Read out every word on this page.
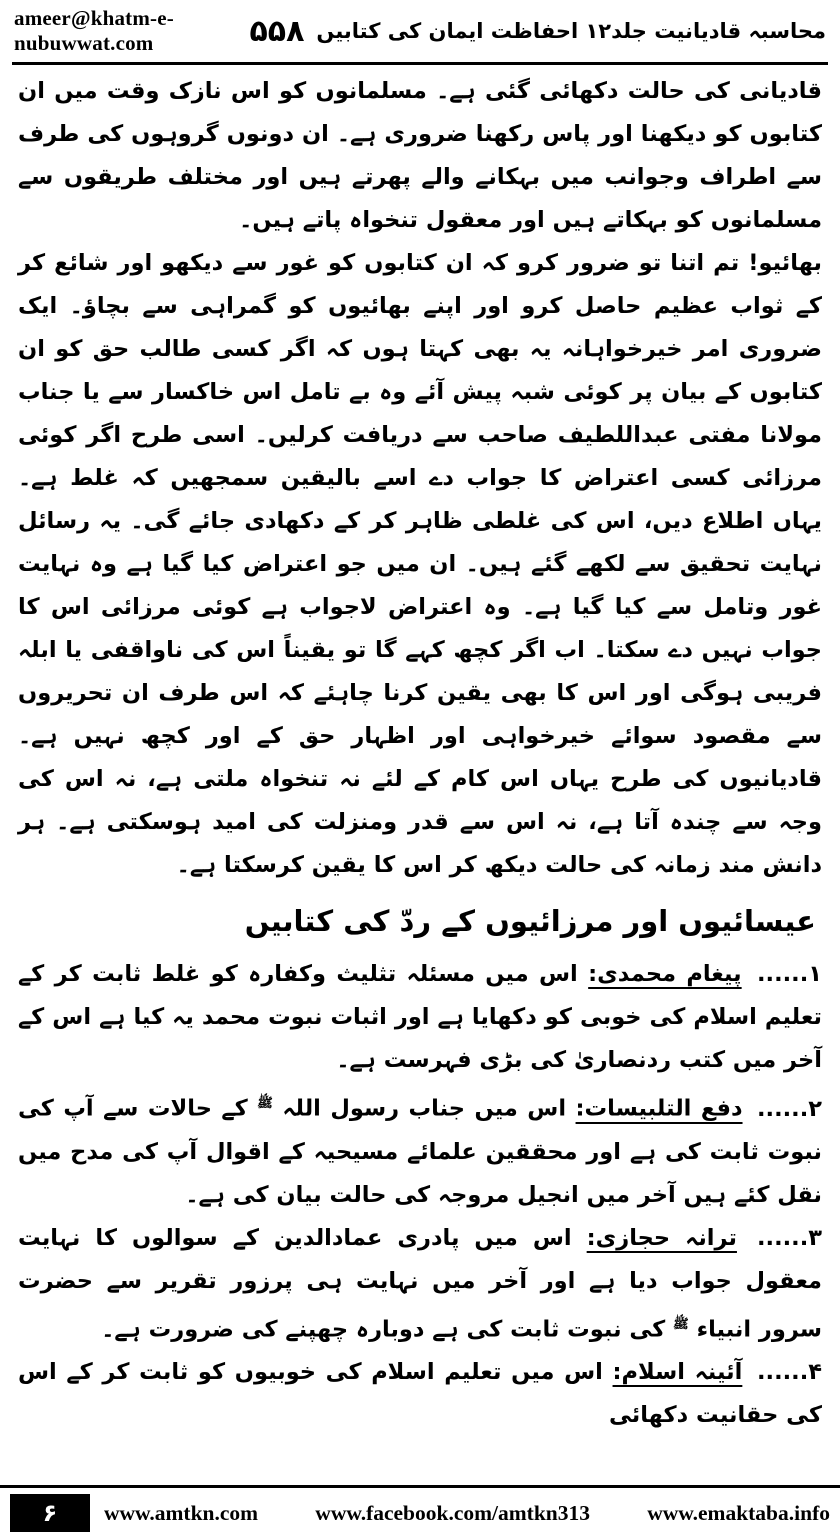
ameer@khatm-e-nubuwwat.com	۵۵۸ محاسبہ قادیانیت جلد۱۲ احفاظت ایمان کی کتابیں

قادیانی کی حالت دکھائی گئی ہے۔ مسلمانوں کو اس نازک وقت میں ان کتابوں کو دیکھنا اور پاس رکھنا ضروری ہے۔ ان دونوں گروہوں کی طرف سے اطراف وجوانب میں بہکانے والے پھرتے ہیں اور مختلف طریقوں سے مسلمانوں کو بہکاتے ہیں اور معقول تنخواہ پاتے ہیں۔

بھائیو! تم اتنا تو ضرور کرو کہ ان کتابوں کو غور سے دیکھو اور شائع کر کے ثواب عظیم حاصل کرو اور اپنے بھائیوں کو گمراہی سے بچاؤ۔ ایک ضروری امر خیرخواہانہ یہ بھی کہتا ہوں کہ اگر کسی طالب حق کو ان کتابوں کے بیان پر کوئی شبہ پیش آئے وہ بے تامل اس خاکسار سے یا جناب مولانا مفتی عبداللطیف صاحب سے دریافت کرلیں۔ اسی طرح اگر کوئی مرزائی کسی اعتراض کا جواب دے اسے بالیقین سمجھیں کہ غلط ہے۔ یہاں اطلاع دیں، اس کی غلطی ظاہر کر کے دکھادی جائے گی۔ یہ رسائل نہایت تحقیق سے لکھے گئے ہیں۔ ان میں جو اعتراض کیا گیا ہے وہ نہایت غور وتامل سے کیا گیا ہے۔ وہ اعتراض لاجواب ہے کوئی مرزائی اس کا جواب نہیں دے سکتا۔ اب اگر کچھ کہے گا تو یقیناً اس کی ناواقفی یا ابلہ فریبی ہوگی اور اس کا بھی یقین کرنا چاہئے کہ اس طرف ان تحریروں سے مقصود سوائے خیرخواہی اور اظہار حق کے اور کچھ نہیں ہے۔ قادیانیوں کی طرح یہاں اس کام کے لئے نہ تنخواہ ملتی ہے، نہ اس کی وجہ سے چندہ آتا ہے، نہ اس سے قدر ومنزلت کی امید ہوسکتی ہے۔ ہر دانش مند زمانہ کی حالت دیکھ کر اس کا یقین کرسکتا ہے۔

عیسائیوں اور مرزائیوں کے ردّ کی کتابیں

۱...... پیغام محمدی: اس میں مسئلہ تثلیث وکفارہ کو غلط ثابت کر کے تعلیم اسلام کی خوبی کو دکھایا ہے اور اثبات نبوت محمد یہ کیا ہے اس کے آخر میں کتب ردنصاریٰ کی بڑی فہرست ہے۔

۲...... دفع التلبیسات: اس میں جناب رسول اللہ $^ﷺ$ کے حالات سے آپ کی نبوت ثابت کی ہے اور محققین علمائے مسیحیہ کے اقوال آپ کی مدح میں نقل کئے ہیں آخر میں انجیل مروجہ کی حالت بیان کی ہے۔

۳...... ترانہ حجازی: اس میں پادری عمادالدین کے سوالوں کا نہایت معقول جواب دیا ہے اور آخر میں نہایت ہی پرزور تقریر سے حضرت سرور انبیاء $^ﷺ$ کی نبوت ثابت کی ہے دوبارہ چھپنے کی ضرورت ہے۔

۴...... آئینہ اسلام: اس میں تعلیم اسلام کی خوبیوں کو ثابت کر کے اس کی حقانیت دکھائی

۶	www.amtkn.com	www.facebook.com/amtkn313	www.emaktaba.info
